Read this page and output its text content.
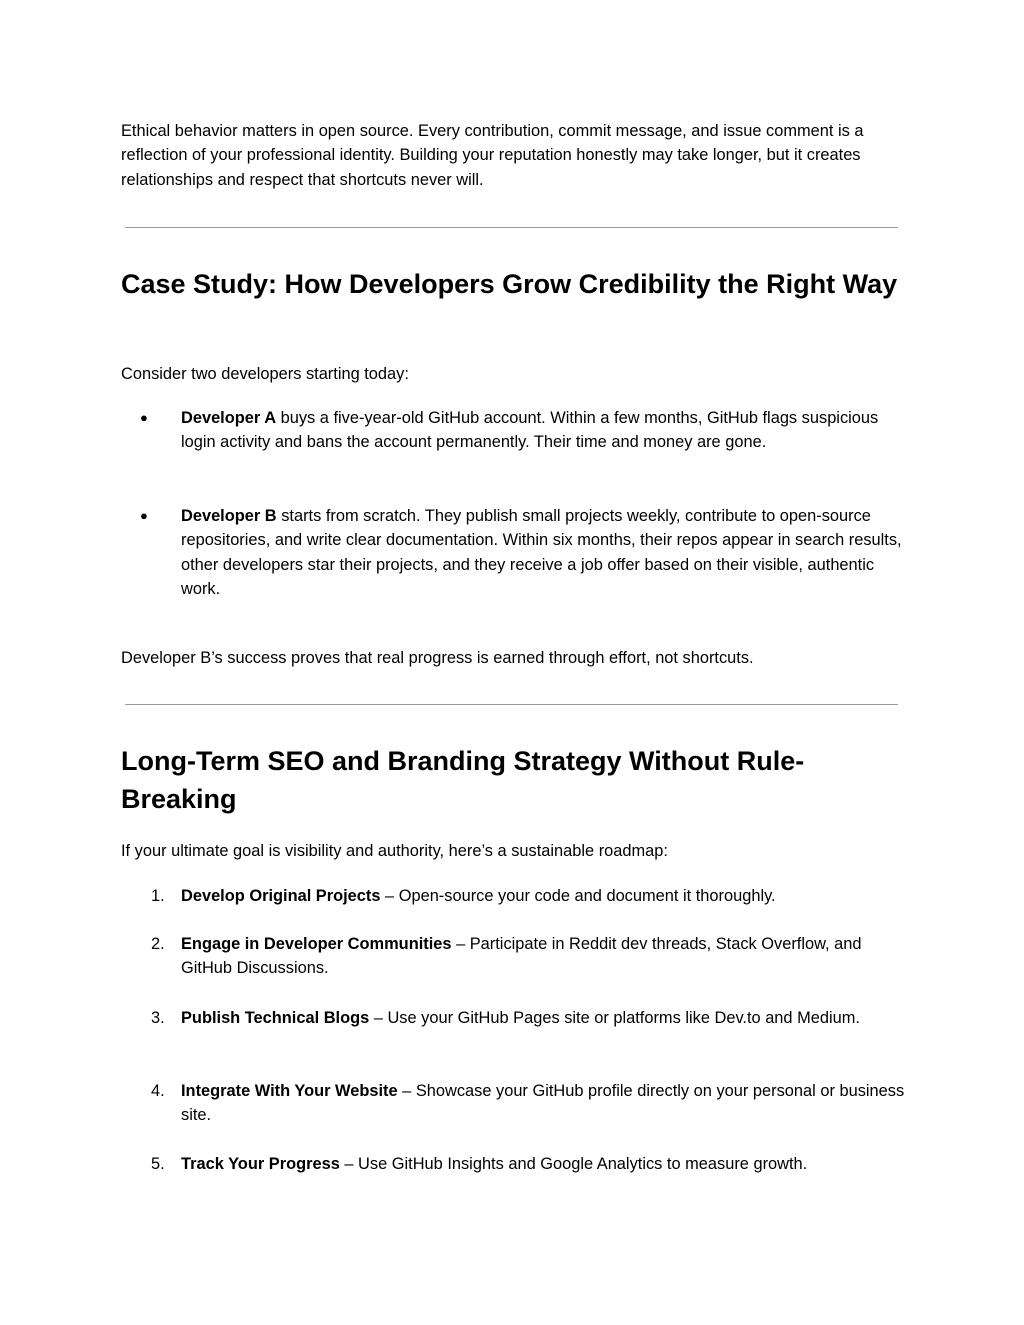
Ethical behavior matters in open source. Every contribution, commit message, and issue comment is a reflection of your professional identity. Building your reputation honestly may take longer, but it creates relationships and respect that shortcuts never will.

Case Study: How Developers Grow Credibility the Right Way

Consider two developers starting today:

●	Developer A buys a five-year-old GitHub account. Within a few months, GitHub flags suspicious login activity and bans the account permanently. Their time and money are gone.
●	Developer B starts from scratch. They publish small projects weekly, contribute to open-source repositories, and write clear documentation. Within six months, their repos appear in search results, other developers star their projects, and they receive a job offer based on their visible, authentic work.

Developer B’s success proves that real progress is earned through effort, not shortcuts.

Long-Term SEO and Branding Strategy Without Rule-Breaking

If your ultimate goal is visibility and authority, here’s a sustainable roadmap:

1. Develop Original Projects – Open-source your code and document it thoroughly.
2. Engage in Developer Communities – Participate in Reddit dev threads, Stack Overflow, and GitHub Discussions.
3. Publish Technical Blogs – Use your GitHub Pages site or platforms like Dev.to and Medium.
4. Integrate With Your Website – Showcase your GitHub profile directly on your personal or business site.
5. Track Your Progress – Use GitHub Insights and Google Analytics to measure growth.
